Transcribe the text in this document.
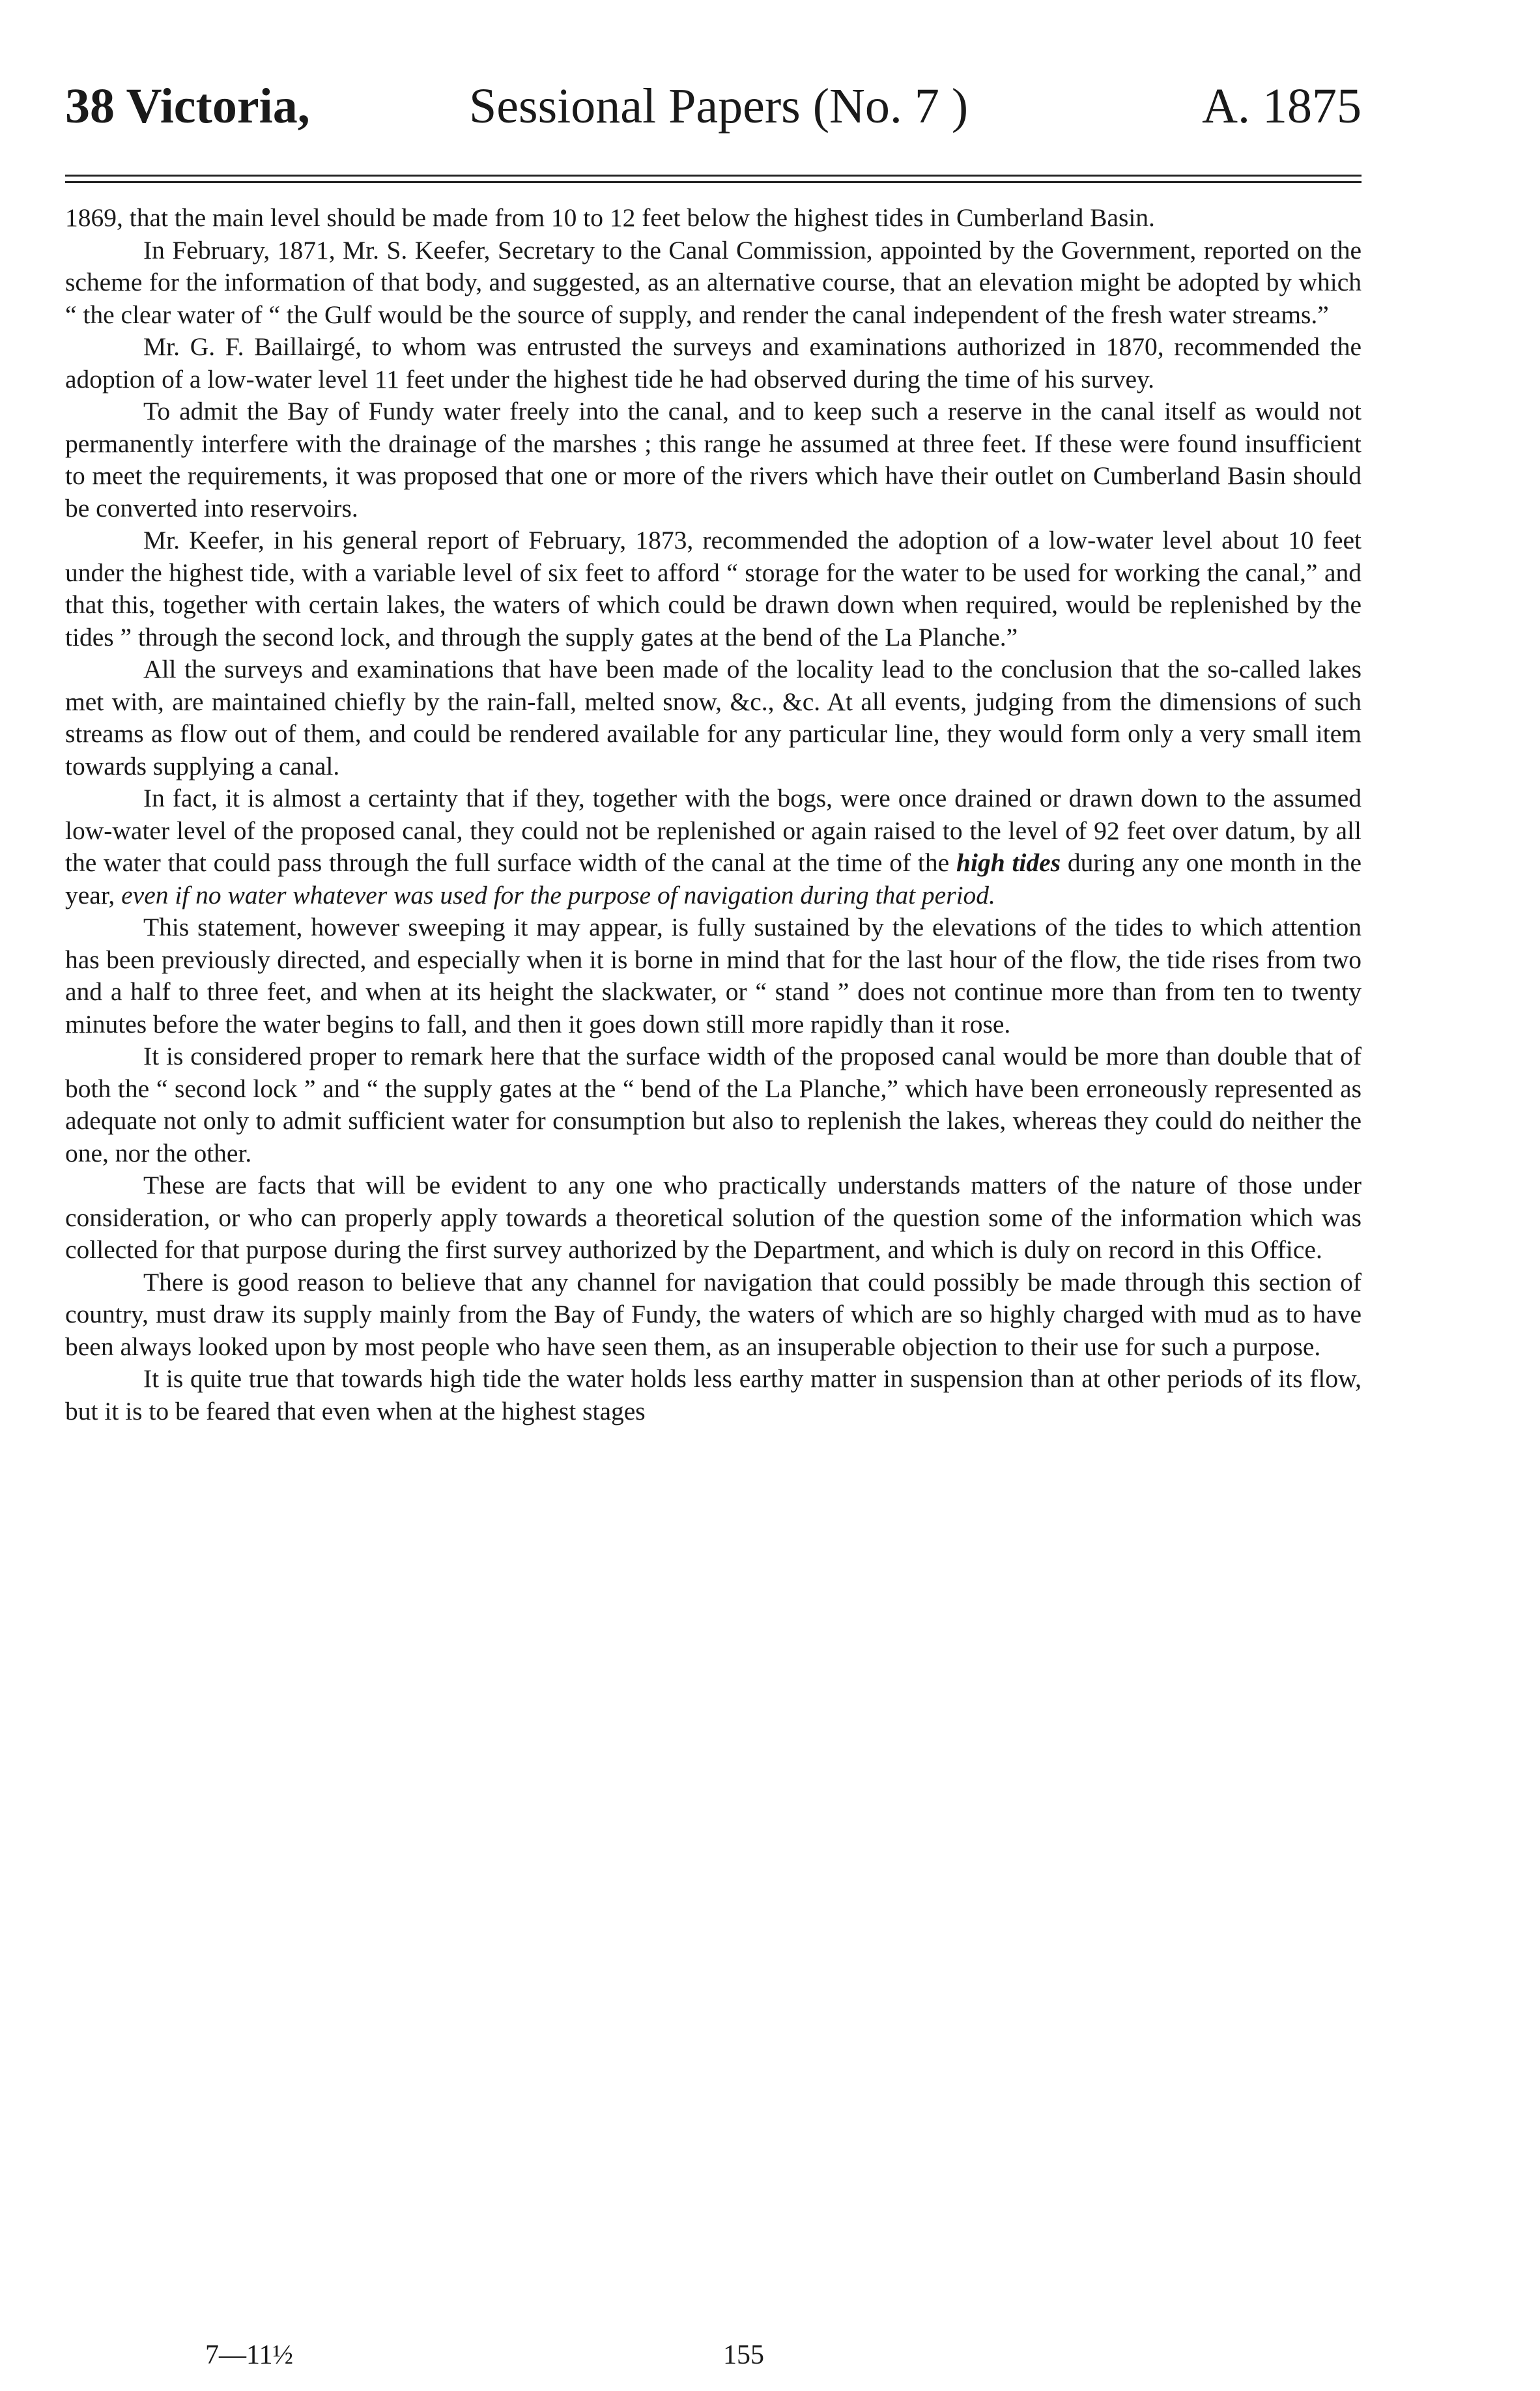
38 Victoria,	Sessional Papers (No. 7 )	A. 1875

1869, that the main level should be made from 10 to 12 feet below the highest tides in Cumberland Basin.

In February, 1871, Mr. S. Keefer, Secretary to the Canal Commission, appointed by the Government, reported on the scheme for the information of that body, and suggested, as an alternative course, that an elevation might be adopted by which “ the clear water of “ the Gulf would be the source of supply, and render the canal independent of the fresh water streams.”

Mr. G. F. Baillairgé, to whom was entrusted the surveys and examinations authorized in 1870, recommended the adoption of a low-water level 11 feet under the highest tide he had observed during the time of his survey.

To admit the Bay of Fundy water freely into the canal, and to keep such a reserve in the canal itself as would not permanently interfere with the drainage of the marshes ; this range he assumed at three feet. If these were found insufficient to meet the requirements, it was proposed that one or more of the rivers which have their outlet on Cumberland Basin should be converted into reservoirs.

Mr. Keefer, in his general report of February, 1873, recommended the adoption of a low-water level about 10 feet under the highest tide, with a variable level of six feet to afford “ storage for the water to be used for working the canal,” and that this, together with certain lakes, the waters of which could be drawn down when required, would be replenished by the tides ” through the second lock, and through the supply gates at the bend of the La Planche.”

All the surveys and examinations that have been made of the locality lead to the conclusion that the so-called lakes met with, are maintained chiefly by the rain-fall, melted snow, &c., &c. At all events, judging from the dimensions of such streams as flow out of them, and could be rendered available for any particular line, they would form only a very small item towards supplying a canal.

In fact, it is almost a certainty that if they, together with the bogs, were once drained or drawn down to the assumed low-water level of the proposed canal, they could not be replenished or again raised to the level of 92 feet over datum, by all the water that could pass through the full surface width of the canal at the time of the high tides during any one month in the year, even if no water whatever was used for the purpose of navigation during that period.

This statement, however sweeping it may appear, is fully sustained by the elevations of the tides to which attention has been previously directed, and especially when it is borne in mind that for the last hour of the flow, the tide rises from two and a half to three feet, and when at its height the slackwater, or “ stand ” does not continue more than from ten to twenty minutes before the water begins to fall, and then it goes down still more rapidly than it rose.

It is considered proper to remark here that the surface width of the proposed canal would be more than double that of both the “ second lock ” and “ the supply gates at the “ bend of the La Planche,” which have been erroneously represented as adequate not only to admit sufficient water for consumption but also to replenish the lakes, whereas they could do neither the one, nor the other.

These are facts that will be evident to any one who practically understands matters of the nature of those under consideration, or who can properly apply towards a theoretical solution of the question some of the information which was collected for that purpose during the first survey authorized by the Department, and which is duly on record in this Office.

There is good reason to believe that any channel for navigation that could possibly be made through this section of country, must draw its supply mainly from the Bay of Fundy, the waters of which are so highly charged with mud as to have been always looked upon by most people who have seen them, as an insuperable objection to their use for such a purpose.

It is quite true that towards high tide the water holds less earthy matter in suspension than at other periods of its flow, but it is to be feared that even when at the highest stages

7—11½	155
